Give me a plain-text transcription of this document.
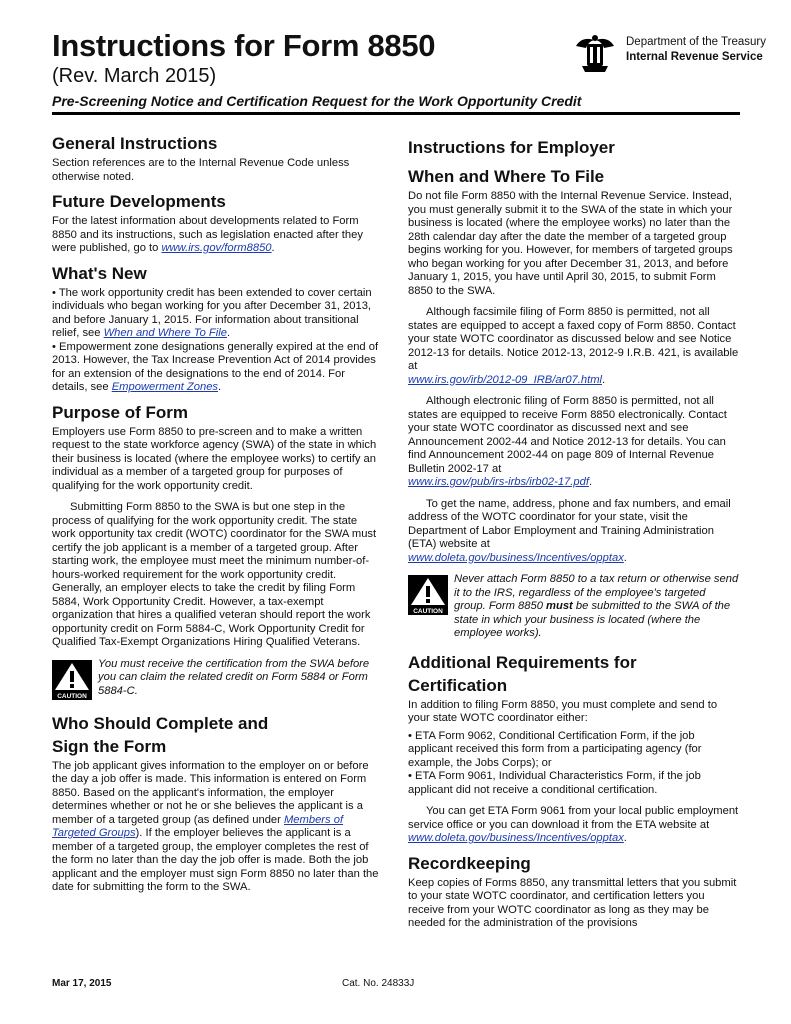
Instructions for Form 8850
(Rev. March 2015)
Pre-Screening Notice and Certification Request for the Work Opportunity Credit
Department of the Treasury
Internal Revenue Service
General Instructions

Section references are to the Internal Revenue Code unless otherwise noted.

Future Developments

For the latest information about developments related to Form 8850 and its instructions, such as legislation enacted after they were published, go to www.irs.gov/form8850.

What's New

• The work opportunity credit has been extended to cover certain individuals who began working for you after December 31, 2013, and before January 1, 2015. For information about transitional relief, see When and Where To File.

• Empowerment zone designations generally expired at the end of 2013. However, the Tax Increase Prevention Act of 2014 provides for an extension of the designations to the end of 2014. For details, see Empowerment Zones.

Purpose of Form

Employers use Form 8850 to pre-screen and to make a written request to the state workforce agency (SWA) of the state in which their business is located (where the employee works) to certify an individual as a member of a targeted group for purposes of qualifying for the work opportunity credit.

Submitting Form 8850 to the SWA is but one step in the process of qualifying for the work opportunity credit. The state work opportunity tax credit (WOTC) coordinator for the SWA must certify the job applicant is a member of a targeted group. After starting work, the employee must meet the minimum number-of-hours-worked requirement for the work opportunity credit. Generally, an employer elects to take the credit by filing Form 5884, Work Opportunity Credit. However, a tax-exempt organization that hires a qualified veteran should report the work opportunity credit on Form 5884-C, Work Opportunity Credit for Qualified Tax-Exempt Organizations Hiring Qualified Veterans.

CAUTION

You must receive the certification from the SWA before you can claim the related credit on Form 5884 or Form 5884-C.

Who Should Complete and
Sign the Form

The job applicant gives information to the employer on or before the day a job offer is made. This information is entered on Form 8850. Based on the applicant's information, the employer determines whether or not he or she believes the applicant is a member of a targeted group (as defined under Members of Targeted Groups). If the employer believes the applicant is a member of a targeted group, the employer completes the rest of the form no later than the day the job offer is made. Both the job applicant and the employer must sign Form 8850 no later than the date for submitting the form to the SWA.

Instructions for Employer
When and Where To File

Do not file Form 8850 with the Internal Revenue Service. Instead, you must generally submit it to the SWA of the state in which your business is located (where the employee works) no later than the 28th calendar day after the date the member of a targeted group begins working for you. However, for members of targeted groups who began working for you after December 31, 2013, and before January 1, 2015, you have until April 30, 2015, to submit Form 8850 to the SWA.

Although facsimile filing of Form 8850 is permitted, not all states are equipped to accept a faxed copy of Form 8850. Contact your state WOTC coordinator as discussed below and see Notice 2012-13 for details. Notice 2012-13, 2012-9 I.R.B. 421, is available at
www.irs.gov/irb/2012-09_IRB/ar07.html.

Although electronic filing of Form 8850 is permitted, not all states are equipped to receive Form 8850 electronically. Contact your state WOTC coordinator as discussed next and see Announcement 2002-44 and Notice 2012-13 for details. You can find Announcement 2002-44 on page 809 of Internal Revenue Bulletin 2002-17 at
www.irs.gov/pub/irs-irbs/irb02-17.pdf.

To get the name, address, phone and fax numbers, and email address of the WOTC coordinator for your state, visit the Department of Labor Employment and Training Administration (ETA) website at
www.doleta.gov/business/Incentives/opptax.

CAUTION

Never attach Form 8850 to a tax return or otherwise send it to the IRS, regardless of the employee's targeted group. Form 8850 must be submitted to the SWA of the state in which your business is located (where the employee works).

Additional Requirements for
Certification

In addition to filing Form 8850, you must complete and send to your state WOTC coordinator either:

• ETA Form 9062, Conditional Certification Form, if the job applicant received this form from a participating agency (for example, the Jobs Corps); or

• ETA Form 9061, Individual Characteristics Form, if the job applicant did not receive a conditional certification.

You can get ETA Form 9061 from your local public employment service office or you can download it from the ETA website at
www.doleta.gov/business/Incentives/opptax.

Recordkeeping

Keep copies of Forms 8850, any transmittal letters that you submit to your state WOTC coordinator, and certification letters you receive from your WOTC coordinator as long as they may be needed for the administration of the provisions

Mar 17, 2015	Cat. No. 24833J
